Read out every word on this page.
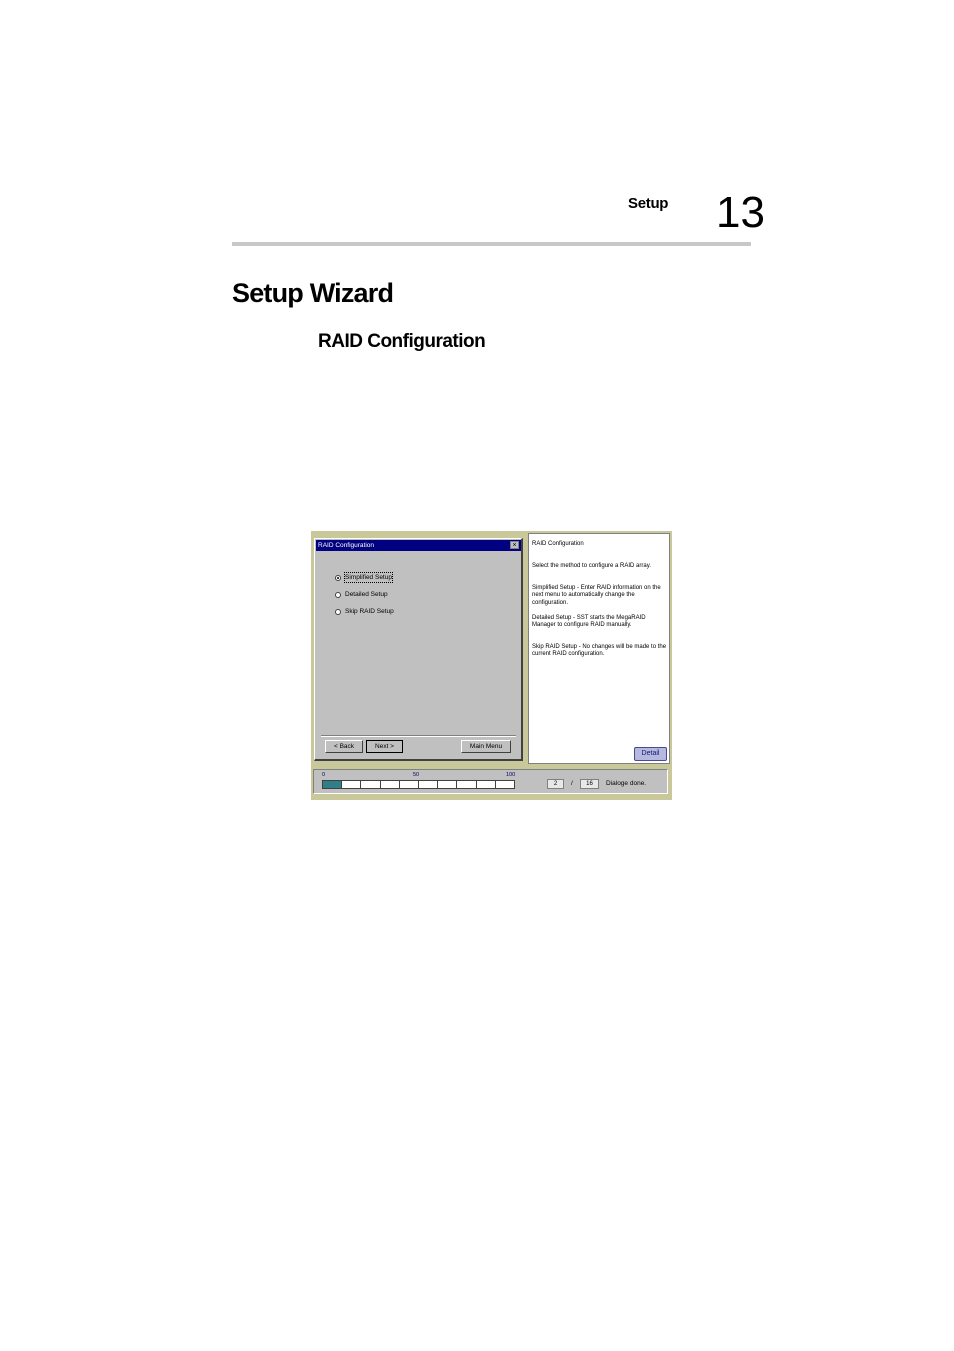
Setup 13
Setup Wizard
RAID Configuration
RAID Configuration	×
Simplified Setup
Detailed Setup
Skip RAID Setup
< Back	Next >	Main Menu
RAID Configuration
Select the method to configure a RAID array.
Simplified Setup - Enter RAID information on the next menu to automatically change the configuration.
Detailed Setup - SST starts the MegaRAID Manager to configure RAID manually.
Skip RAID Setup - No changes will be made to the current RAID configuration.
Detail
0	50	100
2	/	16	Dialoge done.
